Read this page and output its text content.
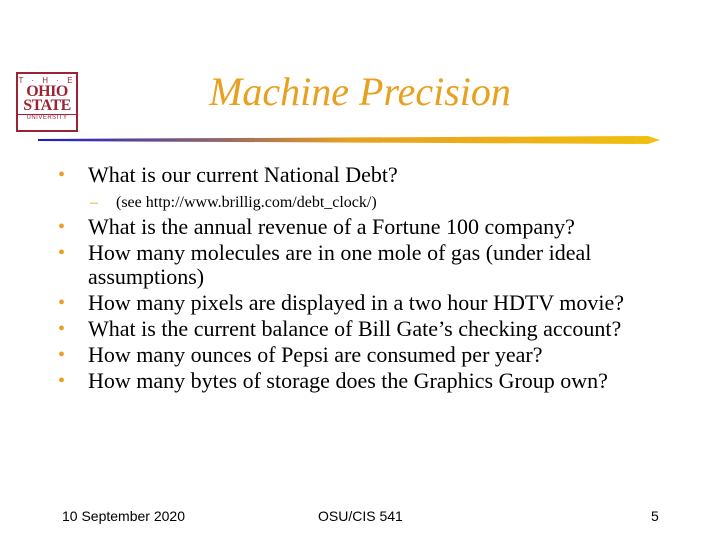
T · H · E
OHIO
STATE
UNIVERSITY
Machine Precision
• What is our current National Debt?
– (see http://www.brillig.com/debt_clock/)
• What is the annual revenue of a Fortune 100 company?
• How many molecules are in one mole of gas (under ideal assumptions)
• How many pixels are displayed in a two hour HDTV movie?
• What is the current balance of Bill Gate’s checking account?
• How many ounces of Pepsi are consumed per year?
• How many bytes of storage does the Graphics Group own?
10 September 2020	OSU/CIS 541	5
